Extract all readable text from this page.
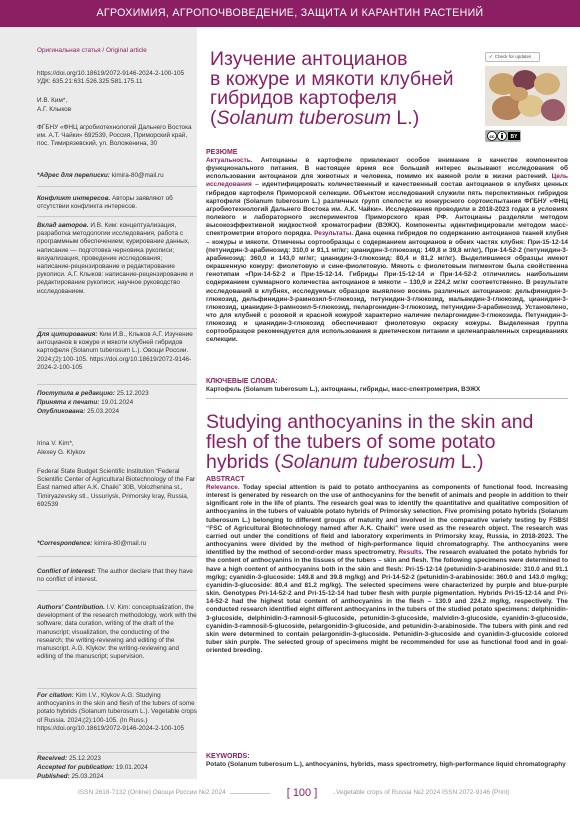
АГРОХИМИЯ, АГРОПОЧВОВЕДЕНИЕ, ЗАЩИТА И КАРАНТИН РАСТЕНИЙ
Оригинальная статья / Original article
https://doi.org/10.18619/2072-9146-2024-2-100-105
УДК: 635.21:631.526.325:581.175.11
И.В. Ким*,
А.Г. Клыков
ФГБНУ «ФНЦ агробиотехнологий Дальнего Востока им. А.Т. Чайки» 692539, Россия, Приморский край, пос. Тимирязевский, ул. Воложенина, 30
*Адрес для переписки: kimira-80@mail.ru
Конфликт интересов. Авторы заявляют об отсутствии конфликта интересов.
Вклад авторов. И.В. Ким: концептуализация, разработка методологии исследования, работа с программным обеспечением; курирование данных, написание — подготовка черновика рукописи; визуализация, проведение исследования; написание-рецензирование и редактирование рукописи. А.Г. Клыков: написание-рецензирование и редактирование рукописи; научное руководство исследованием.
Для цитирования: Ким И.В., Клыков А.Г. Изучение антоцианов в кожуре и мякоти клубней гибридов картофеля (Solanum tuberosum L.). Овощи России. 2024;(2):100-105. https://doi.org/10.18619/2072-9146-2024-2-100-105
Поступила в редакцию: 25.12.2023
Принята к печати: 19.01.2024
Опубликована: 25.03.2024
Irina V. Kim*,
Alexey G. Klykov
Federal State Budget Scientific Institution “Federal Scientific Center of Agricultural Biotechnology of the Far East named after A.K. Chaiki” 30B, Volozhenina st., Timiryazevsky stl., Ussuriysk, Primorsky kray, Russia, 692539
*Correspondence: kimira-80@mail.ru
Conflict of interest: The author declare that they have no conflict of interest.
Authors’ Contribution. I.V. Kim: conceptualization, the development of the research methodology, work with the software; data curation, writing of the draft of the manuscript; visualization, the conducting of the research; the writing-reviewing and editing of the manuscript. A.G. Klykov: the writing-reviewing and editing of the manuscript; supervision.
For citation: Kim I.V., Klykov A.G. Studying anthocyanins in the skin and flesh of the tubers of some potato hybrids (Solanum tuberosum L.). Vegetable crops of Russia. 2024;(2):100-105. (In Russ.) https://doi.org/10.18619/2072-9146-2024-2-100-105
Received: 25.12.2023
Accepted for publication: 19.01.2024
Published: 25.03.2024
Изучение антоцианов
в кожуре и мякоти клубней
гибридов картофеля
(Solanum tuberosum L.)
✓ Check for updates
cc	BY
РЕЗЮМЕ
Актуальность. Антоцианы в картофеле привлекают особое внимание в качестве компонентов функционального питания. В настоящее время все больший интерес вызывают исследования об использовании антоцианов для животных и человека, помимо их важной роли в жизни растений. Цель исследования – идентифицировать количественный и качественный состав антоцианов в клубнях ценных гибридов картофеля Приморской селекции. Объектом исследований служили пять перспективных гибридов картофеля (Solanum tuberosum L.) различных групп спелости из конкурсного сортоиспытания ФГБНУ «ФНЦ агробиотехнологий Дальнего Востока им. А.К. Чайки». Исследования проводили в 2018-2023 годах в условиях полевого и лабораторного экспериментов Приморского края РФ. Антоцианы разделяли методом высокоэффективной жидкостной хроматографии (ВЭЖХ). Компоненты идентифицировали методом масс-спектрометрии второго порядка. Результаты. Дана оценка гибридов по содержанию антоцианов тканей клубня – кожуры и мякоти. Отмечены сортообразцы с содержанием антоцианов в обеих частях клубня: При-15-12-14 (петунидин-3-арабинозид: 310,0 и 91,1 мг/кг; цианидин-3-глюкозид: 149,8 и 39,8 мг/кг), При-14-52-2 (петунидин-3-арабинозид: 360,0 и 143,0 мг/кг; цианидин-3-глюкозид: 80,4 и 81,2 мг/кг). Выделившиеся образцы имеют окрашенную кожуру: фиолетовую и сине-фиолетовую. Мякоть с фиолетовым пигментом была свойственна генотипам «При-14-52-2 и При-15-12-14. Гибриды При-15-12-14 и При-14-52-2 отличились наибольшим содержанием суммарного количества антоцианов в мякоти – 130,9 и 224,2 мг/кг соответственно. В результате исследований в клубнях, исследуемых образцов выявлено восемь различных антоцианов: дельфинидин-3-глюкозид, дельфинидин-3-рамнозил-5-глюкозид, петунидин-3-глюкозид, мальвидин-3-глюкозид, цианидин-3-глюкозид, цианидин-3-рамнозил-5-глюкозид, пеларгонидин-3-глюкозид, петунидин-3-арабинозид. Установлено, что для клубней с розовой и красной кожурой характерно наличие пеларгонидин-3-глюкозида. Петунидин-3-глюкозид и цианидин-3-глюкозид обеспечивают фиолетовую окраску кожуры. Выделенная группа сортообразцов рекомендуется для использования в диетическом питании и целенаправленных скрещиваниях селекции.
КЛЮЧЕВЫЕ СЛОВА:
Картофель (Solanum tuberosum L.), антоцианы, гибриды, масс-спектрометрия, ВЭЖХ
Studying anthocyanins in the skin and
flesh of the tubers of some potato
hybrids (Solanum tuberosum L.)
ABSTRACT
Relevance. Today special attention is paid to potato anthocyanins as components of functional food. Increasing interest is generated by research on the use of anthocyanins for the benefit of animals and people in addition to their significant role in the life of plants. The research goal was to identify the quantitative and qualitative composition of anthocyanins in the tubers of valuable potato hybrids of Primorsky selection. Five promising potato hybrids (Solanum tuberosum L.) belonging to different groups of maturity and involved in the comparative variety testing by FSBSI “FSC of Agricultural Biotechnology named after A.K. Chaiki” were used as the research object. The research was carried out under the conditions of field and laboratory experiments in Primorsky kray, Russia, in 2018-2023. The anthocyanins were divided by the method of high-performance liquid chromatography. The anthocyanins were identified by the method of second-order mass spectrometry. Results. The research evaluated the potato hybrids for the content of anthocyanins in the tissues of the tubers – skin and flesh. The following specimens were determined to have a high content of anthocyanins both in the skin and flesh: Pri-15-12-14 (petunidin-3-arabinoside: 310.0 and 91.1 mg/kg; cyanidin-3-glucoside: 149.8 and 39.8 mg/kg) and Pri-14-52-2 (petunidin-3-arabinoside: 360.0 and 143.0 mg/kg; cyanidin-3-glucoside: 80.4 and 81.2 mg/kg). The selected specimens were characterized by purple and blue-purple skin. Genotypes Pri-14-52-2 and Pri-15-12-14 had tuber flesh with purple pigmentation. Hybrids Pri-15-12-14 and Pri-14-52-2 had the highest total content of anthocyanins in the flesh – 130.9 and 224.2 mg/kg, respectively. The conducted research identified eight different anthocyanins in the tubers of the studied potato specimens: delphinidin-3-glucoside, delphinidin-3-ramnosil-5-glucoside, petunidin-3-glucoside, malvidin-3-glucoside, cyanidin-3-glucoside, cyanidin-3-ramnosil-5-glucoside, pelargonidin-3-glucoside, and petunidin-3-arabinoside. The tubers with pink and red skin were determined to contain pelargonidin-3-glucoside. Petunidin-3-glucoside and cyanidin-3-glucoside colored tuber skin purple. The selected group of specimens might be recommended for use as functional food and in goal-oriented breeding.
KEYWORDS:
Potato (Solanum tuberosum L.), anthocyanins, hybrids, mass spectrometry, high-performance liquid chromatography
ISSN 2618-7132 (Online) Овощи России №2 2024	[ 100 ]	Vegetable crops of Russia №2 2024 ISSN 2072-9146 (Print)
